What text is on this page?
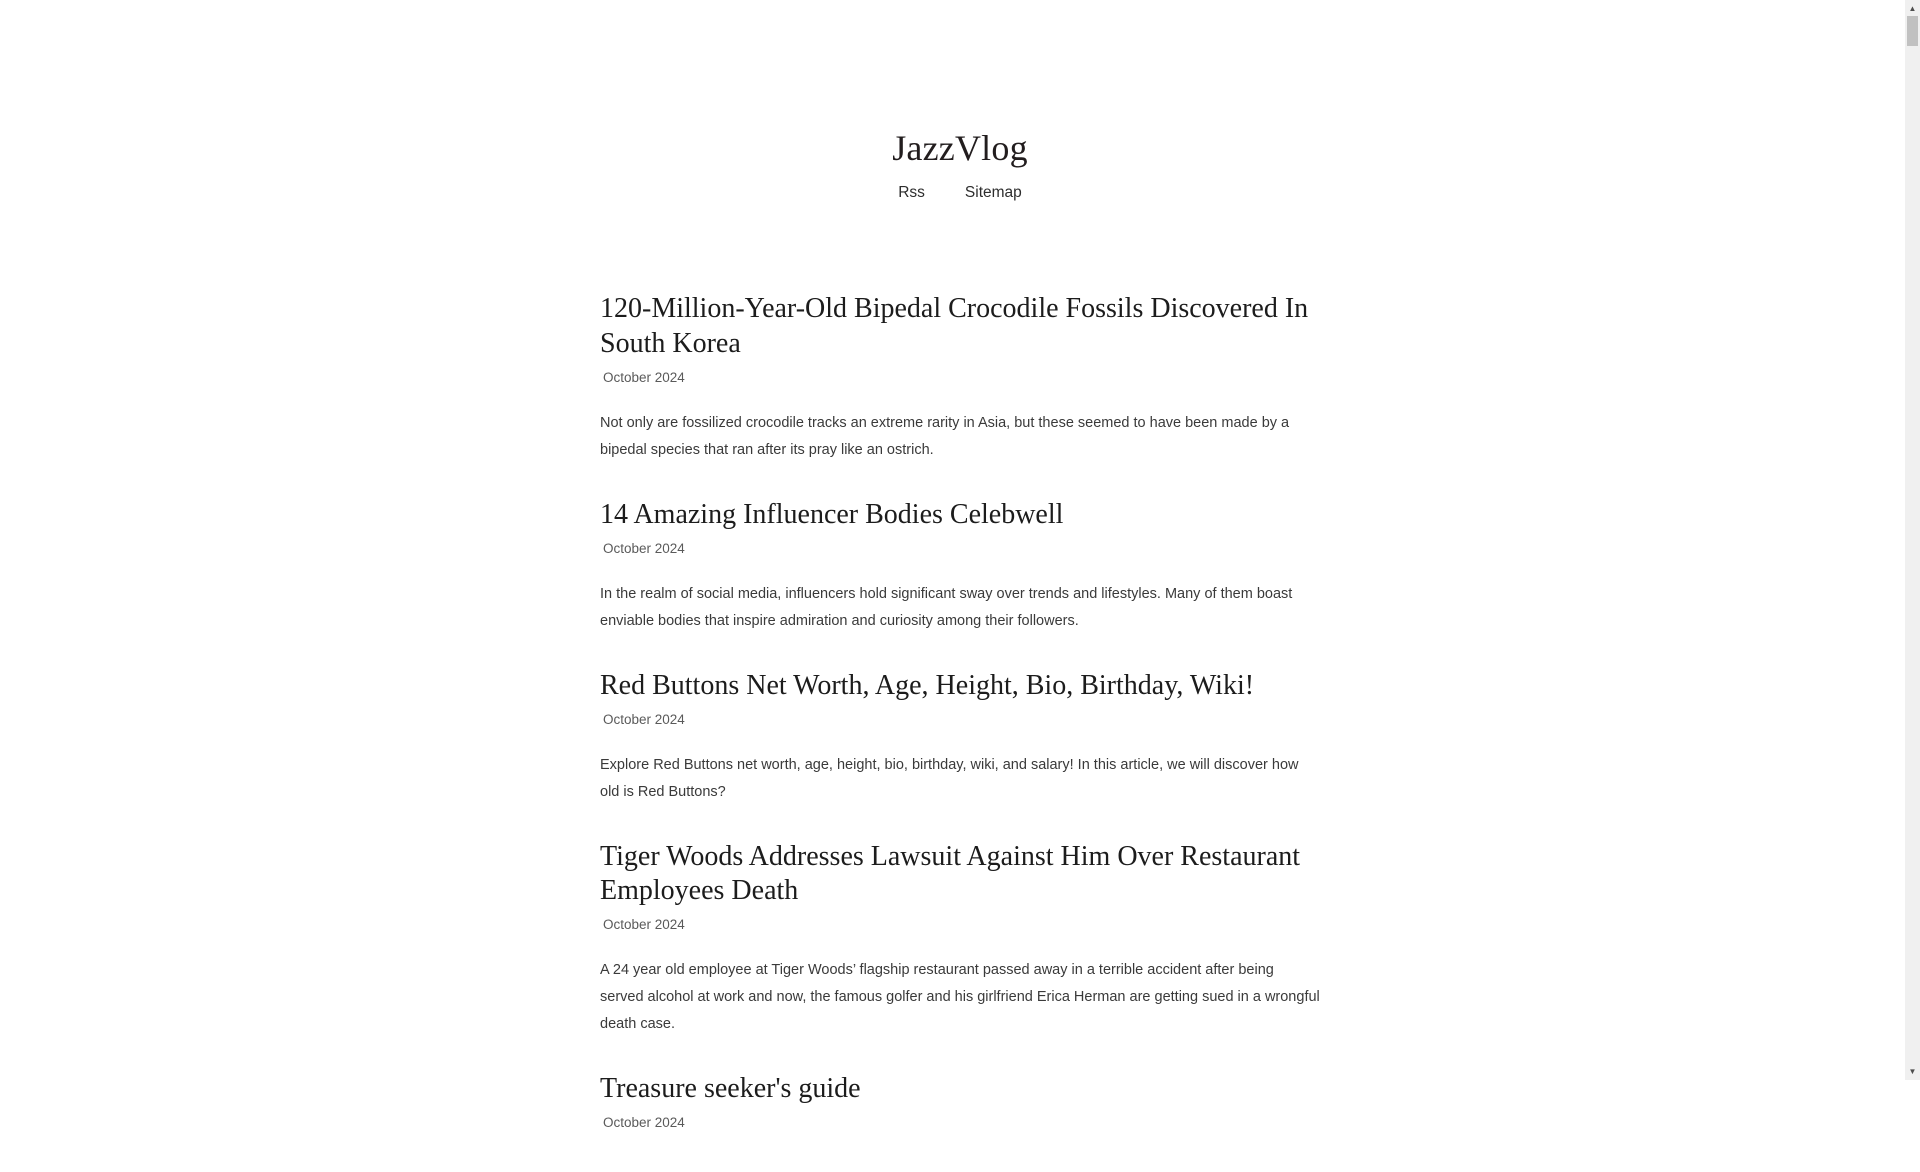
JazzVlog
Rss	Sitemap
120-Million-Year-Old Bipedal Crocodile Fossils Discovered In South Korea
October 2024

Not only are fossilized crocodile tracks an extreme rarity in Asia, but these seemed to have been made by a bipedal species that ran after its pray like an ostrich.

14 Amazing Influencer Bodies Celebwell
October 2024

In the realm of social media, influencers hold significant sway over trends and lifestyles. Many of them boast enviable bodies that inspire admiration and curiosity among their followers.

Red Buttons Net Worth, Age, Height, Bio, Birthday, Wiki!
October 2024

Explore Red Buttons net worth, age, height, bio, birthday, wiki, and salary! In this article, we will discover how old is Red Buttons?

Tiger Woods Addresses Lawsuit Against Him Over Restaurant Employees Death
October 2024

A 24 year old employee at Tiger Woods’ flagship restaurant passed away in a terrible accident after being served alcohol at work and now, the famous golfer and his girlfriend Erica Herman are getting sued in a wrongful death case.

Treasure seeker's guide
October 2024
▲
▼
